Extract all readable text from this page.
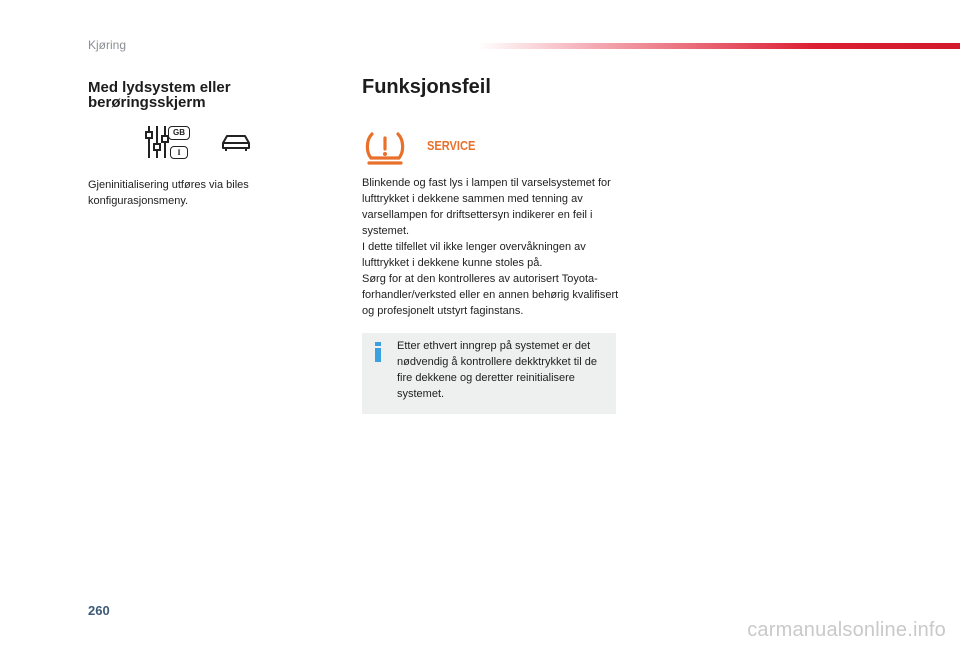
Kjøring
Med lydsystem eller berøringsskjerm
GB
I

Gjeninitialisering utføres via biles konfigurasjonsmeny.

Funksjonsfeil
SERVICE

Blinkende og fast lys i lampen til varselsystemet for lufttrykket i dekkene sammen med tenning av varsellampen for driftsettersyn indikerer en feil i systemet.

I dette tilfellet vil ikke lenger overvåkningen av lufttrykket i dekkene kunne stoles på.

Sørg for at den kontrolleres av autorisert Toyota-forhandler/verksted eller en annen behørig kvalifisert og profesjonelt utstyrt faginstans.

Etter ethvert inngrep på systemet er det nødvendig å kontrollere dekktrykket til de fire dekkene og deretter reinitialisere systemet.

260
carmanualsonline.info
